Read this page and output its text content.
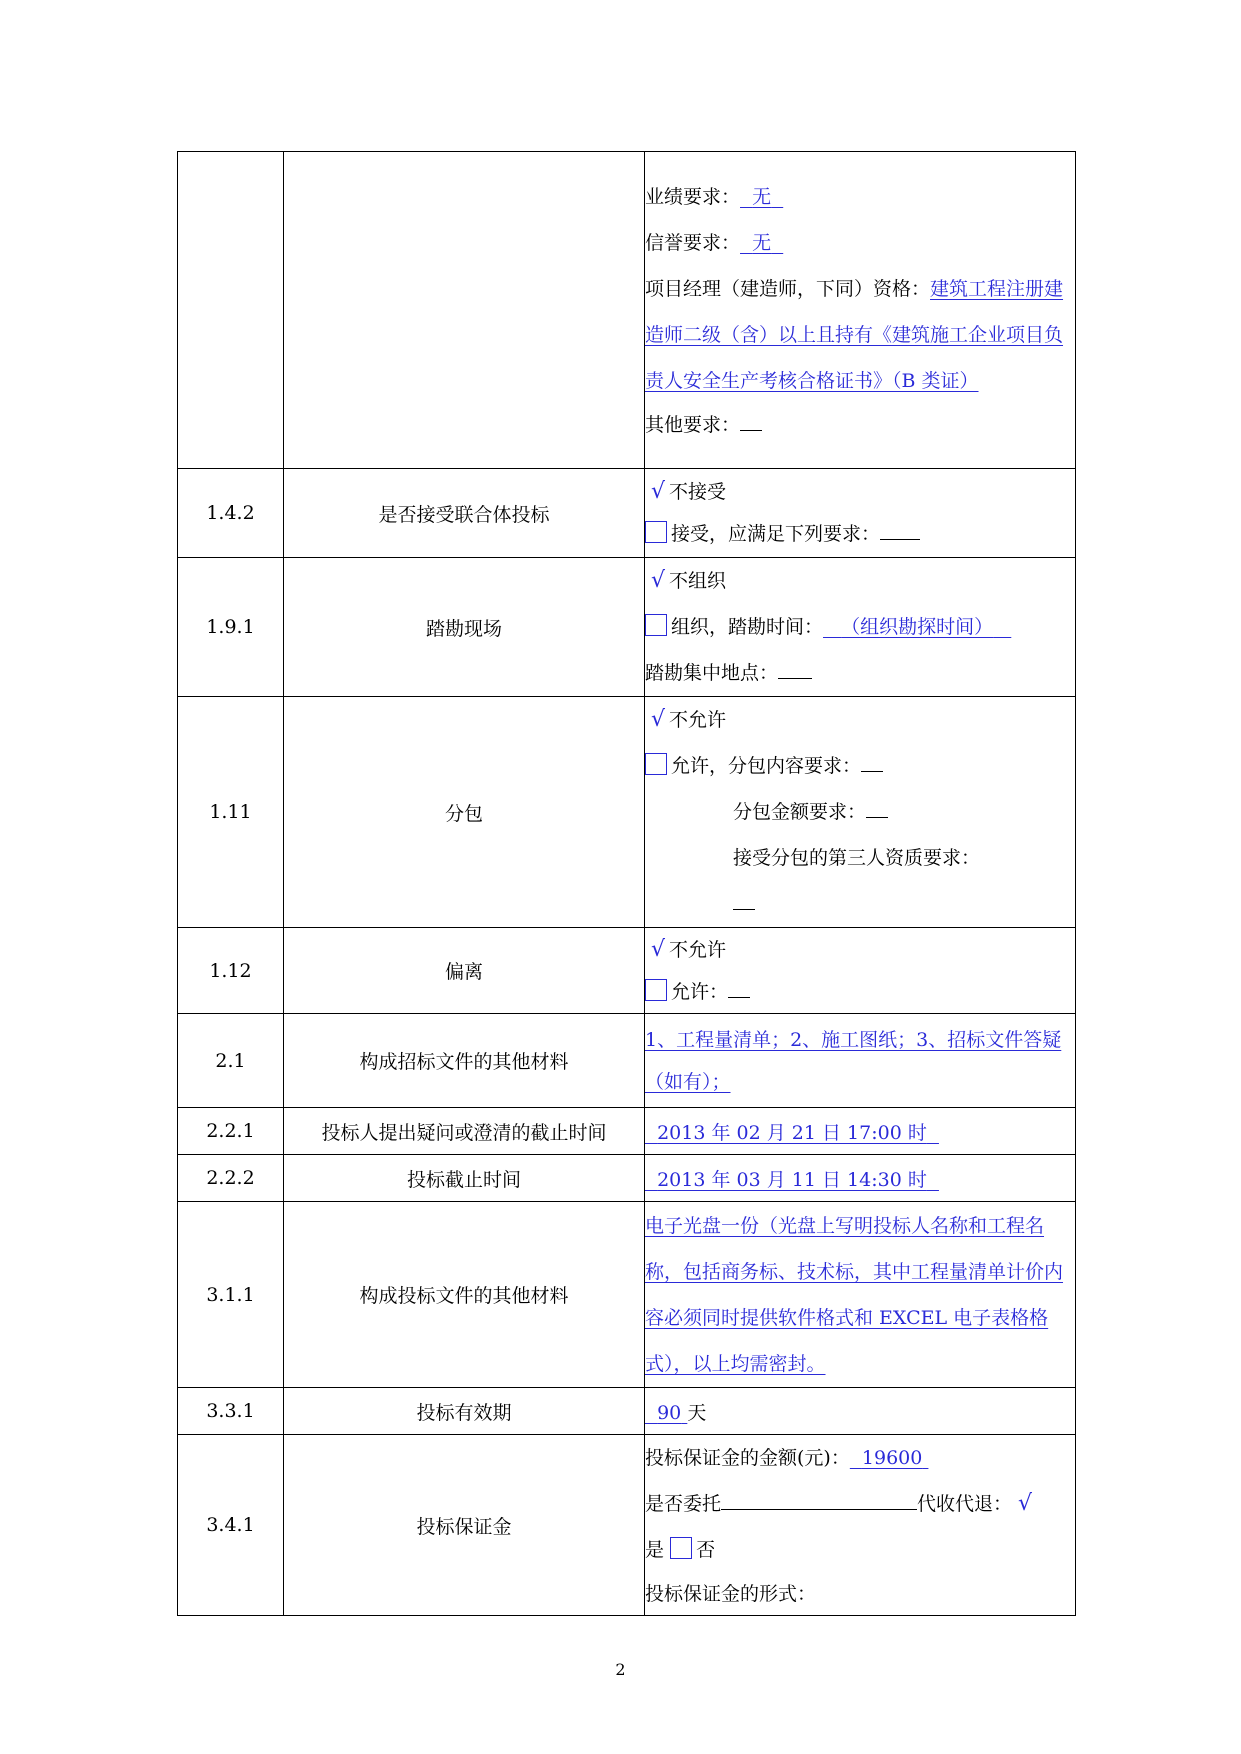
		业绩要求： 无
信誉要求： 无
项目经理（建造师，下同）资格：建筑工程注册建造师二级（含）以上且持有《建筑施工企业项目负责人安全生产考核合格证书》（B 类证）
其他要求：

1.4.2	是否接受联合体投标	√ 不接受
接受，应满足下列要求：

1.9.1	踏勘现场	√ 不组织
组织，踏勘时间： （组织勘探时间）
踏勘集中地点：

1.11	分包	√ 不允许
允许，分包内容要求：
分包金额要求：
接受分包的第三人资质要求：

1.12	偏离	√ 不允许
允许：

2.1	构成招标文件的其他材料	1、工程量清单；2、施工图纸；3、招标文件答疑（如有）；

2.2.1	投标人提出疑问或澄清的截止时间	2013 年 02 月 21 日 17:00 时
2.2.2	投标截止时间	2013 年 03 月 11 日 14:30 时
3.1.1	构成投标文件的其他材料	电子光盘一份（光盘上写明投标人名称和工程名称，包括商务标、技术标，其中工程量清单计价内容必须同时提供软件格式和 EXCEL 电子表格格式），以上均需密封。

3.3.1	投标有效期	90 天
3.4.1	投标保证金	投标保证金的金额(元)： 19600
是否委托 代收代退： √
是 否
投标保证金的形式：
2
